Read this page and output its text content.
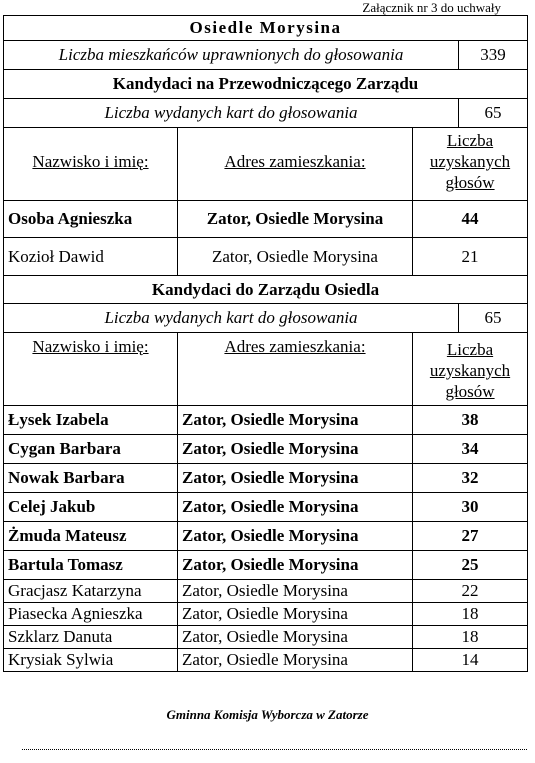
Załącznik nr 3 do uchwały
Osiedle Morysina			
Liczba mieszkańców uprawnionych do głosowania			339
Kandydaci na Przewodniczącego Zarządu			
Liczba wydanych kart do głosowania			65
Nazwisko i imię:	Adres zamieszkania:	Liczba uzyskanych głosów	
Osoba Agnieszka	Zator, Osiedle Morysina	44	
Kozioł Dawid	Zator, Osiedle Morysina	21	
Kandydaci do Zarządu Osiedla			
Liczba wydanych kart do głosowania			65
Nazwisko i imię:	Adres zamieszkania:	Liczba uzyskanych głosów	
Łysek Izabela	Zator, Osiedle Morysina	38	
Cygan Barbara	Zator, Osiedle Morysina	34	
Nowak Barbara	Zator, Osiedle Morysina	32	
Celej Jakub	Zator, Osiedle Morysina	30	
Żmuda Mateusz	Zator, Osiedle Morysina	27	
Bartula Tomasz	Zator, Osiedle Morysina	25	
Gracjasz Katarzyna	Zator, Osiedle Morysina	22	
Piasecka Agnieszka	Zator, Osiedle Morysina	18	
Szklarz Danuta	Zator, Osiedle Morysina	18	
Krysiak Sylwia	Zator, Osiedle Morysina	14	
Gminna Komisja Wyborcza w Zatorze
